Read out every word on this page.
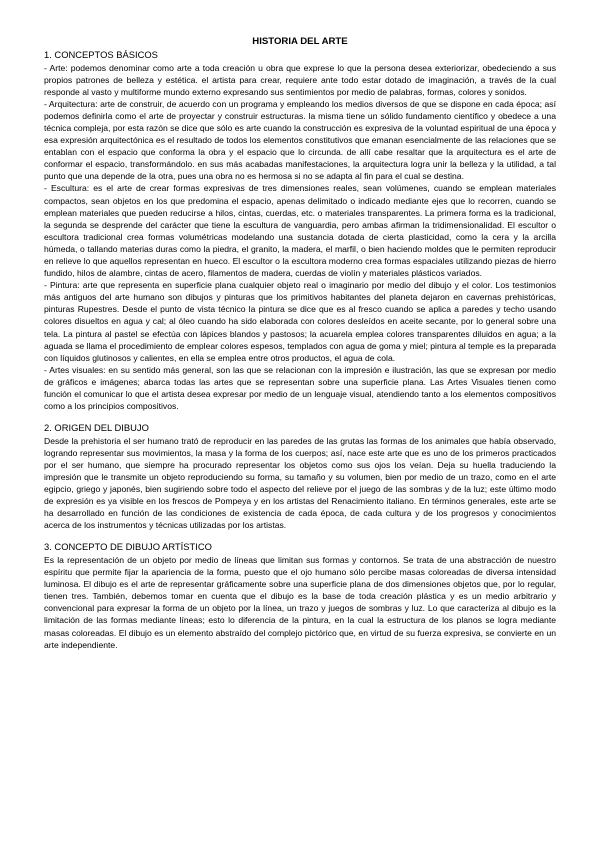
HISTORIA DEL ARTE
1. CONCEPTOS BÁSICOS

- Arte: podemos denominar como arte a toda creación u obra que exprese lo que la persona desea exteriorizar, obedeciendo a sus propios patrones de belleza y estética. el artista para crear, requiere ante todo estar dotado de imaginación, a través de la cual responde al vasto y multiforme mundo externo expresando sus sentimientos por medio de palabras, formas, colores y sonidos.

- Arquitectura: arte de construir, de acuerdo con un programa y empleando los medios diversos de que se dispone en cada época; así podemos definirla como el arte de proyectar y construir estructuras. la misma tiene un sólido fundamento científico y obedece a una técnica compleja, por esta razón se dice que sólo es arte cuando la construcción es expresiva de la voluntad espiritual de una época y esa expresión arquitectónica es el resultado de todos los elementos constitutivos que emanan esencialmente de las relaciones que se entablan con el espacio que conforma la obra y el espacio que lo circunda. de allí cabe resaltar que la arquitectura es el arte de conformar el espacio, transformándolo. en sus más acabadas manifestaciones, la arquitectura logra unir la belleza y la utilidad, a tal punto que una depende de la otra, pues una obra no es hermosa si no se adapta al fin para el cual se destina.

- Escultura: es el arte de crear formas expresivas de tres dimensiones reales, sean volúmenes, cuando se emplean materiales compactos, sean objetos en los que predomina el espacio, apenas delimitado o indicado mediante ejes que lo recorren, cuando se emplean materiales que pueden reducirse a hilos, cintas, cuerdas, etc. o materiales transparentes. La primera forma es la tradicional, la segunda se desprende del carácter que tiene la escultura de vanguardia, pero ambas afirman la tridimensionalidad. El escultor o escultora tradicional crea formas volumétricas modelando una sustancia dotada de cierta plasticidad, como la cera y la arcilla húmeda, o tallando materias duras como la piedra, el granito, la madera, el marfil, o bien haciendo moldes que le permiten reproducir en relieve lo que aquellos representan en hueco. El escultor o la escultora moderno crea formas espaciales utilizando piezas de hierro fundido, hilos de alambre, cintas de acero, filamentos de madera, cuerdas de violín y materiales plásticos variados.

- Pintura: arte que representa en superficie plana cualquier objeto real o imaginario por medio del dibujo y el color. Los testimonios más antiguos del arte humano son dibujos y pinturas que los primitivos habitantes del planeta dejaron en cavernas prehistóricas, pinturas Rupestres. Desde el punto de vista técnico la pintura se dice que es al fresco cuando se aplica a paredes y techo usando colores disueltos en agua y cal; al óleo cuando ha sido elaborada con colores desleídos en aceite secante, por lo general sobre una tela. La pintura al pastel se efectúa con lápices blandos y pastosos; la acuarela emplea colores transparentes diluidos en agua; a la aguada se llama el procedimiento de emplear colores espesos, templados con agua de goma y miel; pintura al temple es la preparada con líquidos glutinosos y calientes, en ella se emplea entre otros productos, el agua de cola.

- Artes visuales: en su sentido más general, son las que se relacionan con la impresión e ilustración, las que se expresan por medio de gráficos e imágenes; abarca todas las artes que se representan sobre una superficie plana. Las Artes Visuales tienen como función el comunicar lo que el artista desea expresar por medio de un lenguaje visual, atendiendo tanto a los elementos compositivos como a los principios compositivos.

2. ORIGEN DEL DIBUJO

Desde la prehistoria el ser humano trató de reproducir en las paredes de las grutas las formas de los animales que había observado, logrando representar sus movimientos, la masa y la forma de los cuerpos; así, nace este arte que es uno de los primeros practicados por el ser humano, que siempre ha procurado representar los objetos como sus ojos los veían. Deja su huella traduciendo la impresión que le transmite un objeto reproduciendo su forma, su tamaño y su volumen, bien por medio de un trazo, como en el arte egipcio, griego y japonés, bien sugiriendo sobre todo el aspecto del relieve por el juego de las sombras y de la luz; este último modo de expresión es ya visible en los frescos de Pompeya y en los artistas del Renacimiento italiano. En términos generales, este arte se ha desarrollado en función de las condiciones de existencia de cada época, de cada cultura y de los progresos y conocimientos acerca de los instrumentos y técnicas utilizadas por los artistas.

3. CONCEPTO DE DIBUJO ARTÍSTICO

Es la representación de un objeto por medio de líneas que limitan sus formas y contornos. Se trata de una abstracción de nuestro espíritu que permite fijar la apariencia de la forma, puesto que el ojo humano sólo percibe masas coloreadas de diversa intensidad luminosa. El dibujo es el arte de representar gráficamente sobre una superficie plana de dos dimensiones objetos que, por lo regular, tienen tres. También, debemos tomar en cuenta que el dibujo es la base de toda creación plástica y es un medio arbitrario y convencional para expresar la forma de un objeto por la línea, un trazo y juegos de sombras y luz. Lo que caracteriza al dibujo es la limitación de las formas mediante líneas; esto lo diferencia de la pintura, en la cual la estructura de los planos se logra mediante masas coloreadas. El dibujo es un elemento abstraído del complejo pictórico que, en virtud de su fuerza expresiva, se convierte en un arte independiente.
